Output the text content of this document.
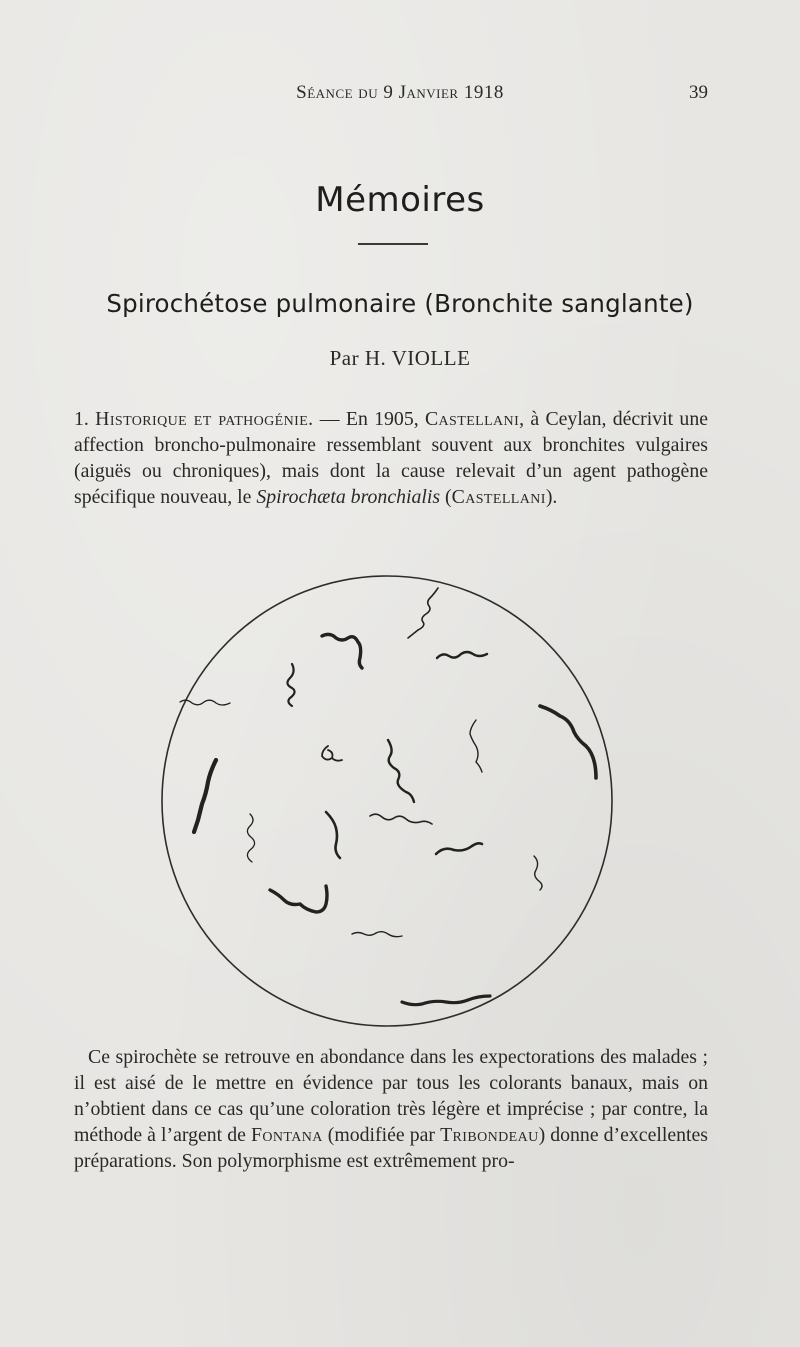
Séance du 9 Janvier 1918	39
Mémoires
Spirochétose pulmonaire (Bronchite sanglante)
Par H. VIOLLE
1. Historique et pathogénie. — En 1905, Castellani, à Ceylan, décrivit une affection broncho-pulmonaire ressemblant souvent aux bronchites vulgaires (aiguës ou chroniques), mais dont la cause relevait d’un agent pathogène spécifique nouveau, le Spirochæta bronchialis (Castellani).
Ce spirochète se retrouve en abondance dans les expectorations des malades ; il est aisé de le mettre en évidence par tous les colorants banaux, mais on n’obtient dans ce cas qu’une coloration très légère et imprécise ; par contre, la méthode à l’argent de Fontana (modifiée par Tribondeau) donne d’excellentes préparations. Son polymorphisme est extrêmement pro-
